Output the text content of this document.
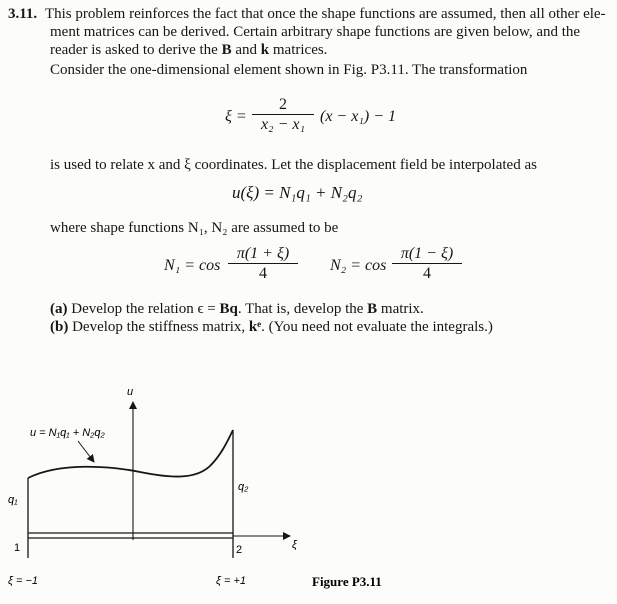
3.11. This problem reinforces the fact that once the shape functions are assumed, then all other ele-
ment matrices can be derived. Certain arbitrary shape functions are given below, and the
reader is asked to derive the B and k matrices.
Consider the one-dimensional element shown in Fig. P3.11. The transformation
ξ =
2
x₂ − x₁ (x − x₁) − 1
is used to relate x and ξ coordinates. Let the displacement field be interpolated as
u(ξ) = N₁q₁ + N₂q₂
where shape functions N₁, N₂ are assumed to be
N₁ = cos
π(1 + ξ)
4	N₂ = cos
π(1 − ξ)
4
(a) Develop the relation ϵ = Bq. That is, develop the B matrix.
(b) Develop the stiffness matrix, kᵉ. (You need not evaluate the integrals.)
u
u = N₁q₁ + N₂q₂
ξ
q₁
q₂
1	2
ξ = −1	ξ = +1	Figure P3.11
